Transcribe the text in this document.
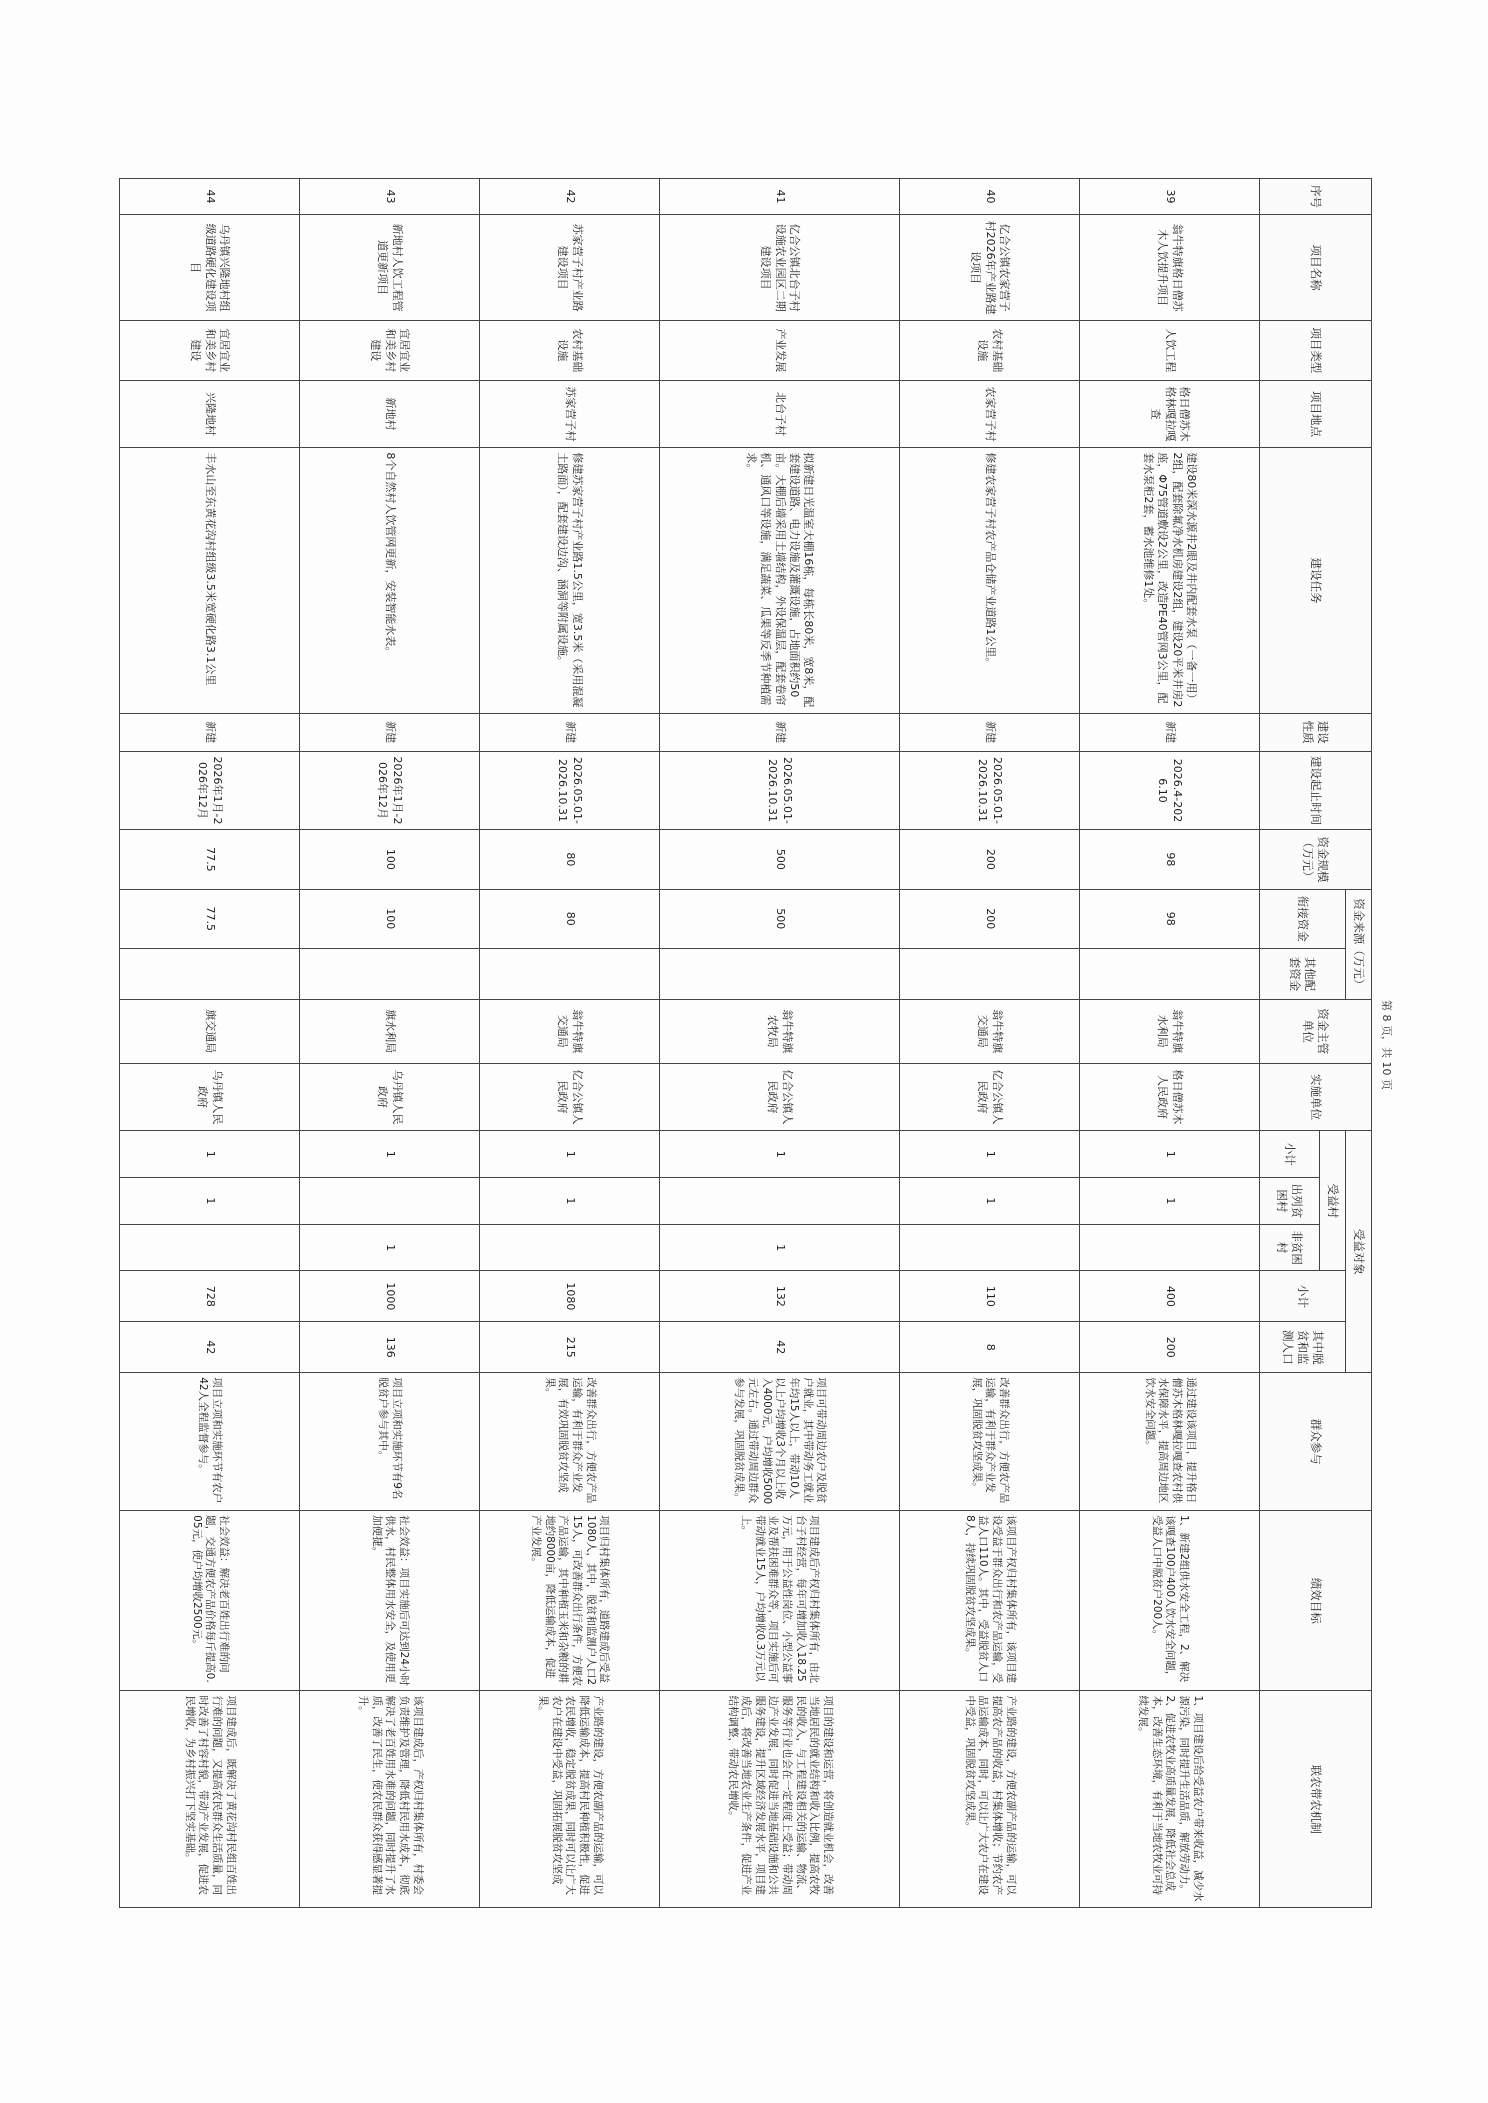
序号	项目名称	项目类型	项目地点	建设任务	建设性质	建设起止时间	资金规模（万元）	资金来源（万元）		资金主管单位	实施单位	受益对象					群众参与	绩效目标	联农带农机制
								衔接资金	其他配套资金			受益村			小计	其中脱贫和监测人口			
												小计	出列贫困村	非贫困村					
39	翁牛特旗格日僧苏木人饮提升项目	人饮工程	格日僧苏木格林嘎拉嘎查	建设80米深水源井2眼及井内配套水泵（一备一用）2组，配套除氟净水机房建设2组，建设20平米井房2座，Φ75管道敷设2公里，改造PE40管网3公里，配套水泵柜2套，蓄水池维修1处。	新建	2026.4-2026.10	98	98		翁牛特旗水利局	格日僧苏木人民政府	1	1		400	200	通过建设该项目，提升格日僧苏木格林嘎拉嘎查农村供水保障水平，提高周边地区饮水安全问题。	1、新建2组供水安全工程，2、解决该嘎查100户400人饮水安全问题，受益人口中脱贫户200人。	1、项目建设后给受益农户带来收益，减少水源污染，同时提升生活品质，解放劳动力。2、促进农牧业高质量发展，降低社会总成本，改善生态环境，有利于当地农牧业可持续发展。
40	亿合公镇农家营子村2026年产业路建设项目	农村基础设施	农家营子村	修建农家营子村农产品仓储产业道路1公里。	新建	2026.05.01-2026.10.31	200	200		翁牛特旗交通局	亿合公镇人民政府	1	1		110	8	改善群众出行，方便农产品运输，有利于群众产业发展，巩固脱贫攻坚成果。	该项目产权归村集体所有，该项目建设受益于群众出行和农产品运输，受益人口110人。其中，受益脱贫人口8人，持续巩固脱贫攻坚成果。	产业路的建设，方便农副产品的运输，可以提高农产品的收益，村集体增收；节约农产品运输成本，同时，可以让广大农户在建设中受益，巩固脱贫攻坚成果。
41	亿合公镇北台子村设施农业园区二期建设项目	产业发展	北台子村	拟新建日光温室大棚16栋，每栋长80米，宽8米，配套建设道路、电力设施及灌溉设施，占地面积约50亩。大棚后墙采用土墙结构，外设保温层，配套卷帘机、通风口等设施，满足蔬菜、瓜果等反季节种植需求。	新建	2026.05.01-2026.10.31	500	500		翁牛特旗农牧局	亿合公镇人民政府	1		1	132	42	项目可带动周边农户及脱贫户就业，其中带动务工就业年均15人以上，带动10人以上户均增收3个月以上收入4000元，户均增收5000元左右。通过带动周边群众参与发展，巩固脱贫成果。	项目建成后产权归村集体所有，由北台子村经营，每年可增加收入18.25万元，用于公益性岗位、小型公益事业及帮扶困难群众等，项目实施后可带动就业15人，户均增收0.3万元以上。	项目的建设和运营，将创造就业机会，改善当地居民的就业结构和收入比例，提高农牧民的收入，与工程建设相关的运输、物流、服务等行业也会在一定程度上受益；带动周边产业发展，同时促进当地基础设施和公共服务建设，提升区域经济发展水平，项目建成后，将改善当地农业生产条件，促进产业结构调整，带动农民增收。
42	苏家营子村产业路建设项目	农村基础设施	苏家营子村	修建苏家营子村产业路1.5公里，宽3.5米（采用混凝土路面），配套建设边沟、涵洞等附属设施。	新建	2026.05.01-2026.10.31	80	80		翁牛特旗交通局	亿合公镇人民政府	1	1		1080	215	改善群众出行，方便农产品运输，有利于群众产业发展，有效巩固脱贫攻坚成果。	项目归村集体所有，道路建成后受益1080人，其中，脱贫和监测户人口215人，可改善群众出行条件，方便农产品运输，其中种植玉米和杂粮的耕地约8000亩，降低运输成本，促进产业发展。	产业路的建设，方便农副产品的运输，可以降低运输成本，提高村民种植积极性，促进农民增收，稳定脱贫成果，同时可以让广大农户在建设中受益，巩固拓展脱贫攻坚成果。
43	新地村人饮工程管道更新项目	宜居宜业和美乡村建设	新地村	8个自然村人饮管网更新，安装智能水表。	新建	2026年1月-2026年12月	100	100		旗水利局	乌丹镇人民政府	1		1	1000	136	项目立项和实施环节有9名脱贫户参与其中。	社会效益：项目实施后可达到24小时供水，村民整体用水安全，及使用更加便捷。	该项目建成后，产权归村集体所有，村委会负责维护及管理，降低村民用水成本，彻底解决了老百姓用水难的问题，同时提升了水质，改善了民生，使农民群众获得感显著提升。
44	乌丹镇兴隆地村组级道路硬化建设项目	宜居宜业和美乡村建设	兴隆地村	丰水山至东黄花沟村组级3.5米宽硬化路3.1公里	新建	2026年1月-2026年12月	77.5	77.5		旗交通局	乌丹镇人民政府	1	1		728	42	项目立项和实施环节有农户42人全程监督参与。	社会效益：解决老百姓出行难的问题，交通方便农产品价格每斤提高0.05元，使户均增收2500元。	项目建成后，既解决了黄花沟村民组百姓出行难的问题，又提高农民群众生活质量，同时改善了村容村貌，带动产业发展，促进农民增收，为乡村振兴打下坚实基础。
第 8 页，共 10 页
